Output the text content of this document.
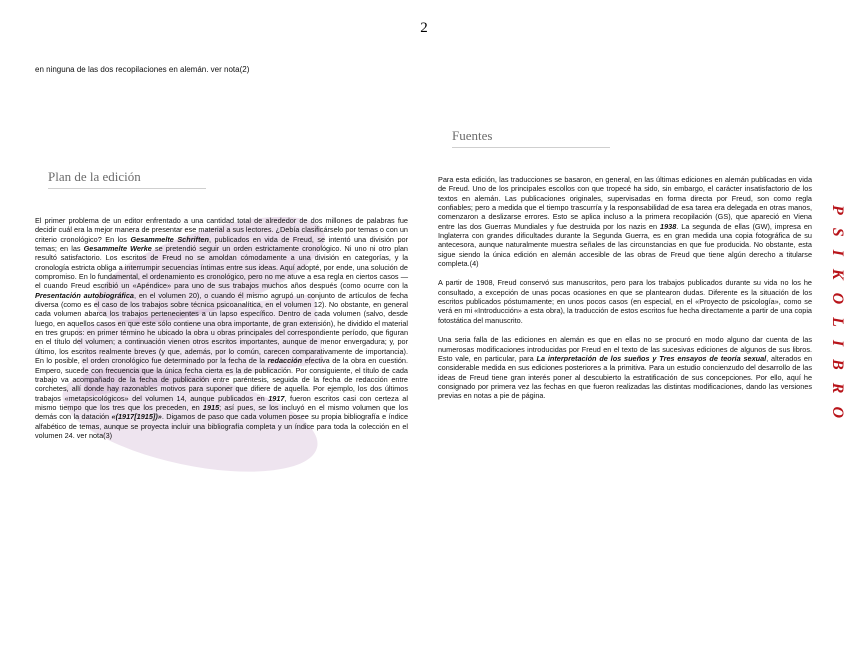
2
en ninguna de las dos recopilaciones en alemán. ver nota(2)
Plan de la edición
Fuentes

El primer problema de un editor enfrentado a una cantidad total de alrededor de dos millones de palabras fue decidir cuál era la mejor manera de presentar ese material a sus lectores. ¿Debía clasificárselo por temas o con un criterio cronológico? En los Gesammelte Schriften, publicados en vida de Freud, se intentó una división por temas; en las Gesammelte Werke se pretendió seguir un orden estrictamente cronológico. Ni uno ni otro plan resultó satisfactorio. Los escritos de Freud no se amoldan cómodamente a una división en categorías, y la cronología estricta obliga a interrumpir secuencias íntimas entre sus ideas. Aquí adopté, por ende, una solución de compromiso. En lo fundamental, el ordenamiento es cronológico, pero no me atuve a esa regla en ciertos casos — el cuando Freud escribió un «Apéndice» para uno de sus trabajos muchos años después (como ocurre con la Presentación autobiográfica, en el volumen 20), o cuando él mismo agrupó un conjunto de artículos de fecha diversa (como es el caso de los trabajos sobre técnica psicoanalítica, en el volumen 12). No obstante, en general cada volumen abarca los trabajos pertenecientes a un lapso específico. Dentro de cada volumen (salvo, desde luego, en aquellos casos en que este sólo contiene una obra importante, de gran extensión), he dividido el material en tres grupos: en primer término he ubicado la obra u obras principales del correspondiente período, que figuran en el título del volumen; a continuación vienen otros escritos importantes, aunque de menor envergadura; y, por último, los escritos realmente breves (y que, además, por lo común, carecen comparativamente de importancia). En lo posible, el orden cronológico fue determinado por la fecha de la redacción efectiva de la obra en cuestión. Empero, sucede con frecuencia que la única fecha cierta es la de publicación. Por consiguiente, el título de cada trabajo va acompañado de la fecha de publicación entre paréntesis, seguida de la fecha de redacción entre corchetes, allí donde hay razonables motivos para suponer que difiere de aquella. Por ejemplo, los dos últimos trabajos «metapsicológicos» del volumen 14, aunque publicados en 1917, fueron escritos casi con certeza al mismo tiempo que los tres que los preceden, en 1915; así pues, se los incluyó en el mismo volumen que los demás con la datación «(1917[1915])». Digamos de paso que cada volumen posee su propia bibliografía e índice alfabético de temas, aunque se proyecta incluir una bibliografía completa y un índice para toda la colección en el volumen 24. ver nota(3)

Para esta edición, las traducciones se basaron, en general, en las últimas ediciones en alemán publicadas en vida de Freud. Uno de los principales escollos con que tropecé ha sido, sin embargo, el carácter insatisfactorio de los textos en alemán. Las publicaciones originales, supervisadas en forma directa por Freud, son como regla confiables; pero a medida que el tiempo trascurría y la responsabilidad de esa tarea era delegada en otras manos, comenzaron a deslizarse errores. Esto se aplica incluso a la primera recopilación (GS), que apareció en Viena entre las dos Guerras Mundiales y fue destruida por los nazis en 1938. La segunda de ellas (GW), impresa en Inglaterra con grandes dificultades durante la Segunda Guerra, es en gran medida una copia fotográfica de su antecesora, aunque naturalmente muestra señales de las circunstancias en que fue producida. No obstante, esta sigue siendo la única edición en alemán accesible de las obras de Freud que tiene algún derecho a titularse completa.(4)

A partir de 1908, Freud conservó sus manuscritos, pero para los trabajos publicados durante su vida no los he consultado, a excepción de unas pocas ocasiones en que se plantearon dudas. Diferente es la situación de los escritos publicados póstumamente; en unos pocos casos (en especial, en el «Proyecto de psicología», como se verá en mi «Introducción» a esta obra), la traducción de estos escritos fue hecha directamente a partir de una copia fotostática del manuscrito.

Una seria falla de las ediciones en alemán es que en ellas no se procuró en modo alguno dar cuenta de las numerosas modificaciones introducidas por Freud en el texto de las sucesivas ediciones de algunos de sus libros. Esto vale, en particular, para La interpretación de los sueños y Tres ensayos de teoría sexual, alterados en considerable medida en sus ediciones posteriores a la primitiva. Para un estudio concienzudo del desarrollo de las ideas de Freud tiene gran interés poner al descubierto la estratificación de sus concepciones. Por ello, aquí he consignado por primera vez las fechas en que fueron realizadas las distintas modificaciones, dando las versiones previas en notas a pie de página.	PSIKOLIBRO
